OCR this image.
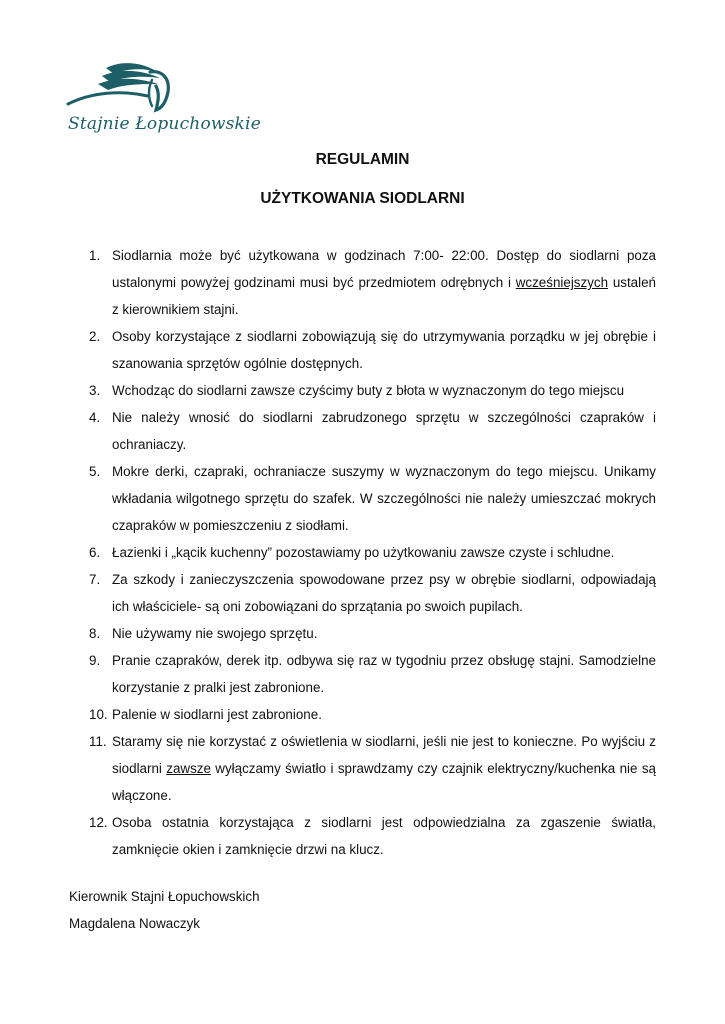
Stajnie Łopuchowskie
REGULAMIN
UŻYTKOWANIA SIODLARNI
1. Siodlarnia może być użytkowana w godzinach 7:00- 22:00. Dostęp do siodlarni poza ustalonymi powyżej godzinami musi być przedmiotem odrębnych i wcześniejszych ustaleń z kierownikiem stajni.
2. Osoby korzystające z siodlarni zobowiązują się do utrzymywania porządku w jej obrębie i szanowania sprzętów ogólnie dostępnych.
3. Wchodząc do siodlarni zawsze czyścimy buty z błota w wyznaczonym do tego miejscu
4. Nie należy wnosić do siodlarni zabrudzonego sprzętu w szczególności czapraków i ochraniaczy.
5. Mokre derki, czapraki, ochraniacze suszymy w wyznaczonym do tego miejscu. Unikamy wkładania wilgotnego sprzętu do szafek. W szczególności nie należy umieszczać mokrych czapraków w pomieszczeniu z siodłami.
6. Łazienki i „kącik kuchenny” pozostawiamy po użytkowaniu zawsze czyste i schludne.
7. Za szkody i zanieczyszczenia spowodowane przez psy w obrębie siodlarni, odpowiadają ich właściciele- są oni zobowiązani do sprzątania po swoich pupilach.
8. Nie używamy nie swojego sprzętu.
9. Pranie czapraków, derek itp. odbywa się raz w tygodniu przez obsługę stajni. Samodzielne korzystanie z pralki jest zabronione.
10. Palenie w siodlarni jest zabronione.
11. Staramy się nie korzystać z oświetlenia w siodlarni, jeśli nie jest to konieczne. Po wyjściu z siodlarni zawsze wyłączamy światło i sprawdzamy czy czajnik elektryczny/kuchenka nie są włączone.
12. Osoba ostatnia korzystająca z siodlarni jest odpowiedzialna za zgaszenie światła, zamknięcie okien i zamknięcie drzwi na klucz.
Kierownik Stajni Łopuchowskich
Magdalena Nowaczyk
